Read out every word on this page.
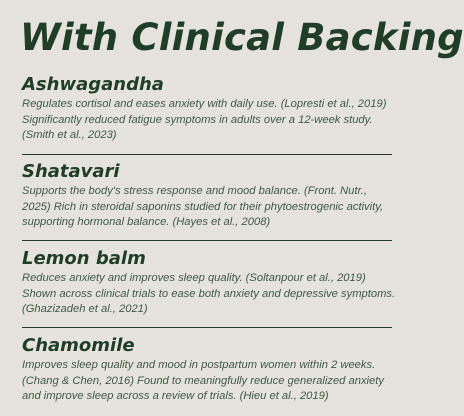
With Clinical Backing
Ashwagandha

Regulates cortisol and eases anxiety with daily use. (Lopresti et al., 2019) Significantly reduced fatigue symptoms in adults over a 12-week study. (Smith et al., 2023)

Shatavari

Supports the body's stress response and mood balance. (Front. Nutr., 2025) Rich in steroidal saponins studied for their phytoestrogenic activity, supporting hormonal balance. (Hayes et al., 2008)

Lemon balm

Reduces anxiety and improves sleep quality. (Soltanpour et al., 2019) Shown across clinical trials to ease both anxiety and depressive symptoms. (Ghazizadeh et al., 2021)

Chamomile

Improves sleep quality and mood in postpartum women within 2 weeks. (Chang & Chen, 2016) Found to meaningfully reduce generalized anxiety and improve sleep across a review of trials. (Hieu et al., 2019)
